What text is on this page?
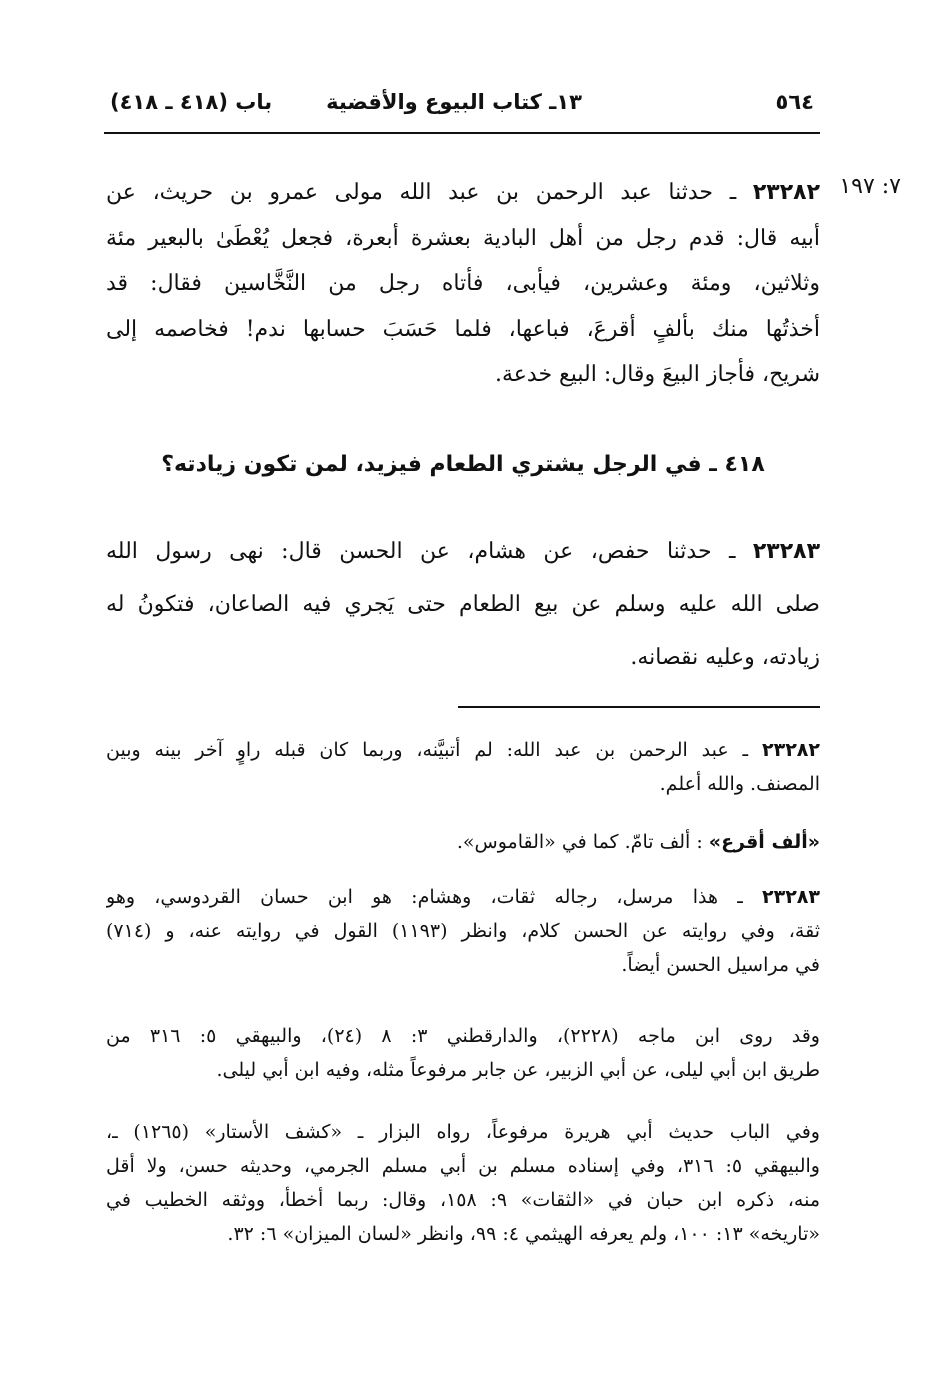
٥٦٤
١٣ـ كتاب البيوع والأقضية
باب (٤١٨ ـ ٤١٨)
٧: ١٩٧
٢٣٢٨٢ ـ حدثنا عبد الرحمن بن عبد الله مولى عمرو بن حريث، عن
أبيه قال: قدم رجل من أهل البادية بعشرة أبعرة، فجعل يُعْطَىٰ بالبعير مئة
وثلاثين، ومئة وعشرين، فيأبى، فأتاه رجل من النَّخَّاسين فقال: قد
أخذتُها منك بألفٍ أقرعَ، فباعها، فلما حَسَبَ حسابها ندم! فخاصمه إلى
شريح، فأجاز البيعَ وقال: البيع خدعة.
٤١٨ ـ في الرجل يشتري الطعام فيزيد، لمن تكون زيادته؟
٢٣٢٨٣ ـ حدثنا حفص، عن هشام، عن الحسن قال: نهى رسول الله
صلى الله عليه وسلم عن بيع الطعام حتى يَجري فيه الصاعان، فتكونُ له
زيادته، وعليه نقصانه.
٢٣٢٨٢ ـ عبد الرحمن بن عبد الله: لم أتبيَّنه، وربما كان قبله راوٍ آخر بينه وبين
المصنف. والله أعلم.
«ألف أقرع» : ألف تامّ. كما في «القاموس».
٢٣٢٨٣ ـ هذا مرسل، رجاله ثقات، وهشام: هو ابن حسان القردوسي، وهو
ثقة، وفي روايته عن الحسن كلام، وانظر (١١٩٣) القول في روايته عنه، و (٧١٤)
في مراسيل الحسن أيضاً.
وقد روى ابن ماجه (٢٢٢٨)، والدارقطني ٣: ٨ (٢٤)، والبيهقي ٥: ٣١٦ من
طريق ابن أبي ليلى، عن أبي الزبير، عن جابر مرفوعاً مثله، وفيه ابن أبي ليلى.
وفي الباب حديث أبي هريرة مرفوعاً، رواه البزار ـ «كشف الأستار» (١٢٦٥) ـ،
والبيهقي ٥: ٣١٦، وفي إسناده مسلم بن أبي مسلم الجرمي، وحديثه حسن، ولا أقل
منه، ذكره ابن حبان في «الثقات» ٩: ١٥٨، وقال: ربما أخطأ، ووثقه الخطيب في
«تاريخه» ١٣: ١٠٠، ولم يعرفه الهيثمي ٤: ٩٩، وانظر «لسان الميزان» ٦: ٣٢.
